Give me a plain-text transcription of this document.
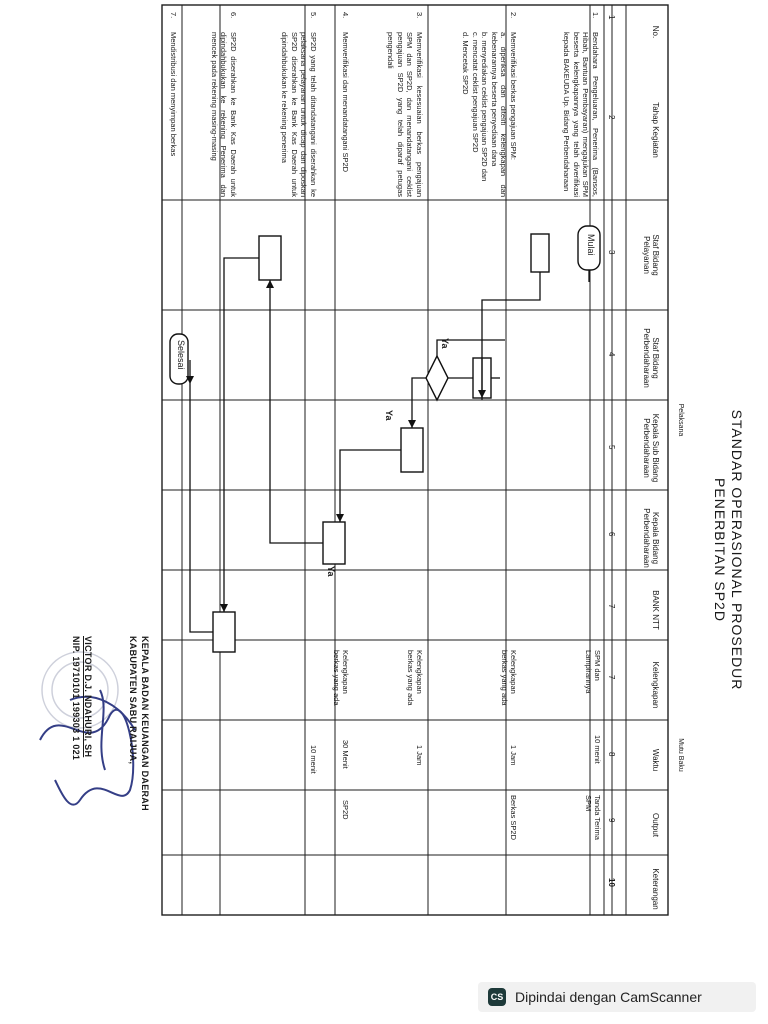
STANDAR OPERASIONAL PROSEDUR
PENERBITAN SP2D
No.
Tahap Kegiatan
Staf Bidang Pelayanan
Staf Bidang Perbendaharaan
Kepala Sub Bidang Perbendaharaan
Kepala Bidang Perbendaharaan
BANK NTT
Kelengkapan
Waktu
Output
Keterangan
Pelaksana
Mutu Baku
1
2
3
4
5
6
7
7
8
9
10
1.
Bendahara Pengeluaran, Penerima (Bansos, Hibah, Bantuan Pembayaran) mengajukan SPM beserta kelengkapannya yang telah diverifikasi kepada BAKEUDA Up. Bidang Perbendaharaan
2.
Memverifikasi berkas pengajuan SPM:
a. diperiksa dan diteliti kelengkapan dan kebenarannya beserta penyediaan dana
b. menyediakan ceklist pengajuan SP2D dan
c. mencatat ceklist pengajuan SP2D
d. Mencetak SP2D
3.
Memverifikasi kesesuaian berkas pengajuan SPM dan SP2D, dan menandatangani ceklist pengajuan SP2D yang telah diparaf petugas pengendali
4.
Memverifikasi dan menandatangani SP2D
5.
SP2D yang telah ditandatangani diserahkan ke pelaksana pelayanan untuk dicap dan diposkan SP2D diserahkan ke Bank Kas Daerah untuk dipindahbukukan ke rekening penerima
6.
SP2D diserahkan ke Bank Kas Daerah untuk dipindahbukukan ke rekening Penerima dan mencek pada rekening masing-masing
7.
Mendistribusi dan menyimpan berkas
Mulai
Selesai	Ya
Ya
Ya
SPM dan Lampirannya
10 menit
Tanda Terima SPM
Kelengkapan berkas yang ada
1 Jam
Berkas SP2D
Kelengkapan berkas yang ada
1 Jam
Kelengkapan berkas yang ada
30 Menit
SP2D
10 menit
KEPALA BADAN KEUANGAN DAERAH
KABUPATEN SABU RAIJUA,
VICTOR D.J. NDAHURI, SH
NIP. 19710101 199303 1 021
CS Dipindai dengan CamScanner
